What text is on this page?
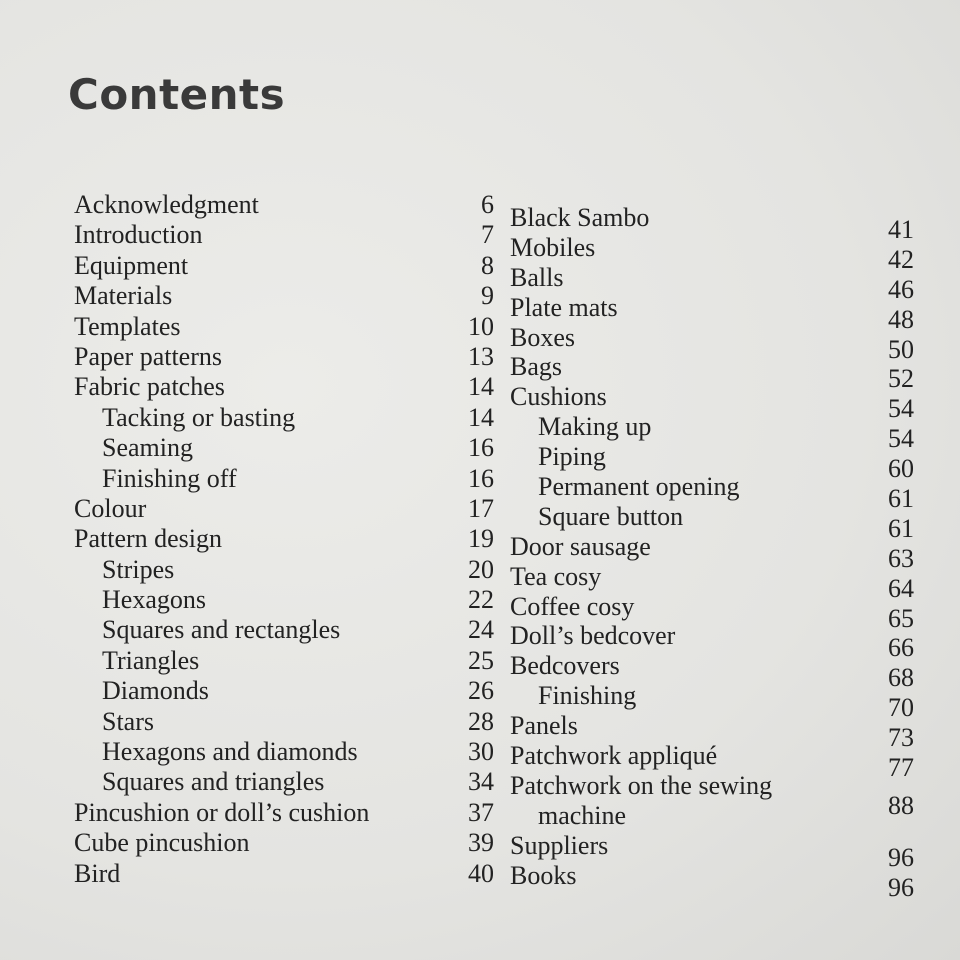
Contents
Acknowledgment	6
Introduction	7
Equipment	8
Materials	9
Templates	10
Paper patterns	13
Fabric patches	14
Tacking or basting	14
Seaming	16
Finishing off	16
Colour	17
Pattern design	19
Stripes	20
Hexagons	22
Squares and rectangles	24
Triangles	25
Diamonds	26
Stars	28
Hexagons and diamonds	30
Squares and triangles	34
Pincushion or doll’s cushion	37
Cube pincushion	39
Bird	40
Black Sambo	41
Mobiles	42
Balls	46
Plate mats	48
Boxes	50
Bags	52
Cushions	54
Making up	54
Piping	60
Permanent opening	61
Square button	61
Door sausage	63
Tea cosy	64
Coffee cosy	65
Doll’s bedcover	66
Bedcovers	68
Finishing	70
Panels	73
Patchwork appliqué	77
Patchwork on the sewing
machine	88
Suppliers	96
Books	96
